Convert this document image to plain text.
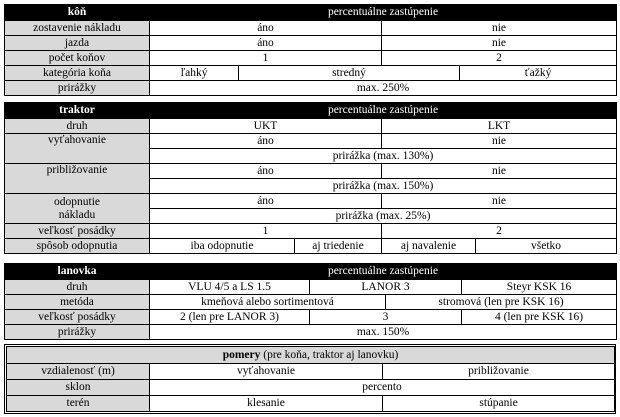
kôň	percentuálne zastúpenie			
zostavenie nákladu	áno		nie	
jazda	áno		nie	
počet koňov	1		2	
kategória koňa	ľahký	stredný		ťažký
prirážky	max. 250%			
traktor	percentuálne zastúpenie			
druh	UKT		LKT	
vyťahovanie	áno		nie	
	prirážka (max. 130%)			
približovanie	áno		nie	
	prirážka (max. 150%)			

odopnutie
nákladu	áno		nie	
	prirážka (max. 25%)			
veľkosť posádky	1		2	
spôsob odopnutia	iba odopnutie	aj triedenie	aj navalenie	všetko
lanovka	percentuálne zastúpenie			
druh	VLU 4/5 a LS 1.5	LANOR 3		Steyr KSK 16
metóda	kmeňová alebo sortimentová		stromová (len pre KSK 16)	
veľkosť posádky	2 (len pre LANOR 3)	3		4 (len pre KSK 16)
prirážky	max. 150%			
pomery (pre koňa, traktor aj lanovku)		
vzdialenosť (m)	vyťahovanie	približovanie
sklon	percento	
terén	klesanie	stúpanie
